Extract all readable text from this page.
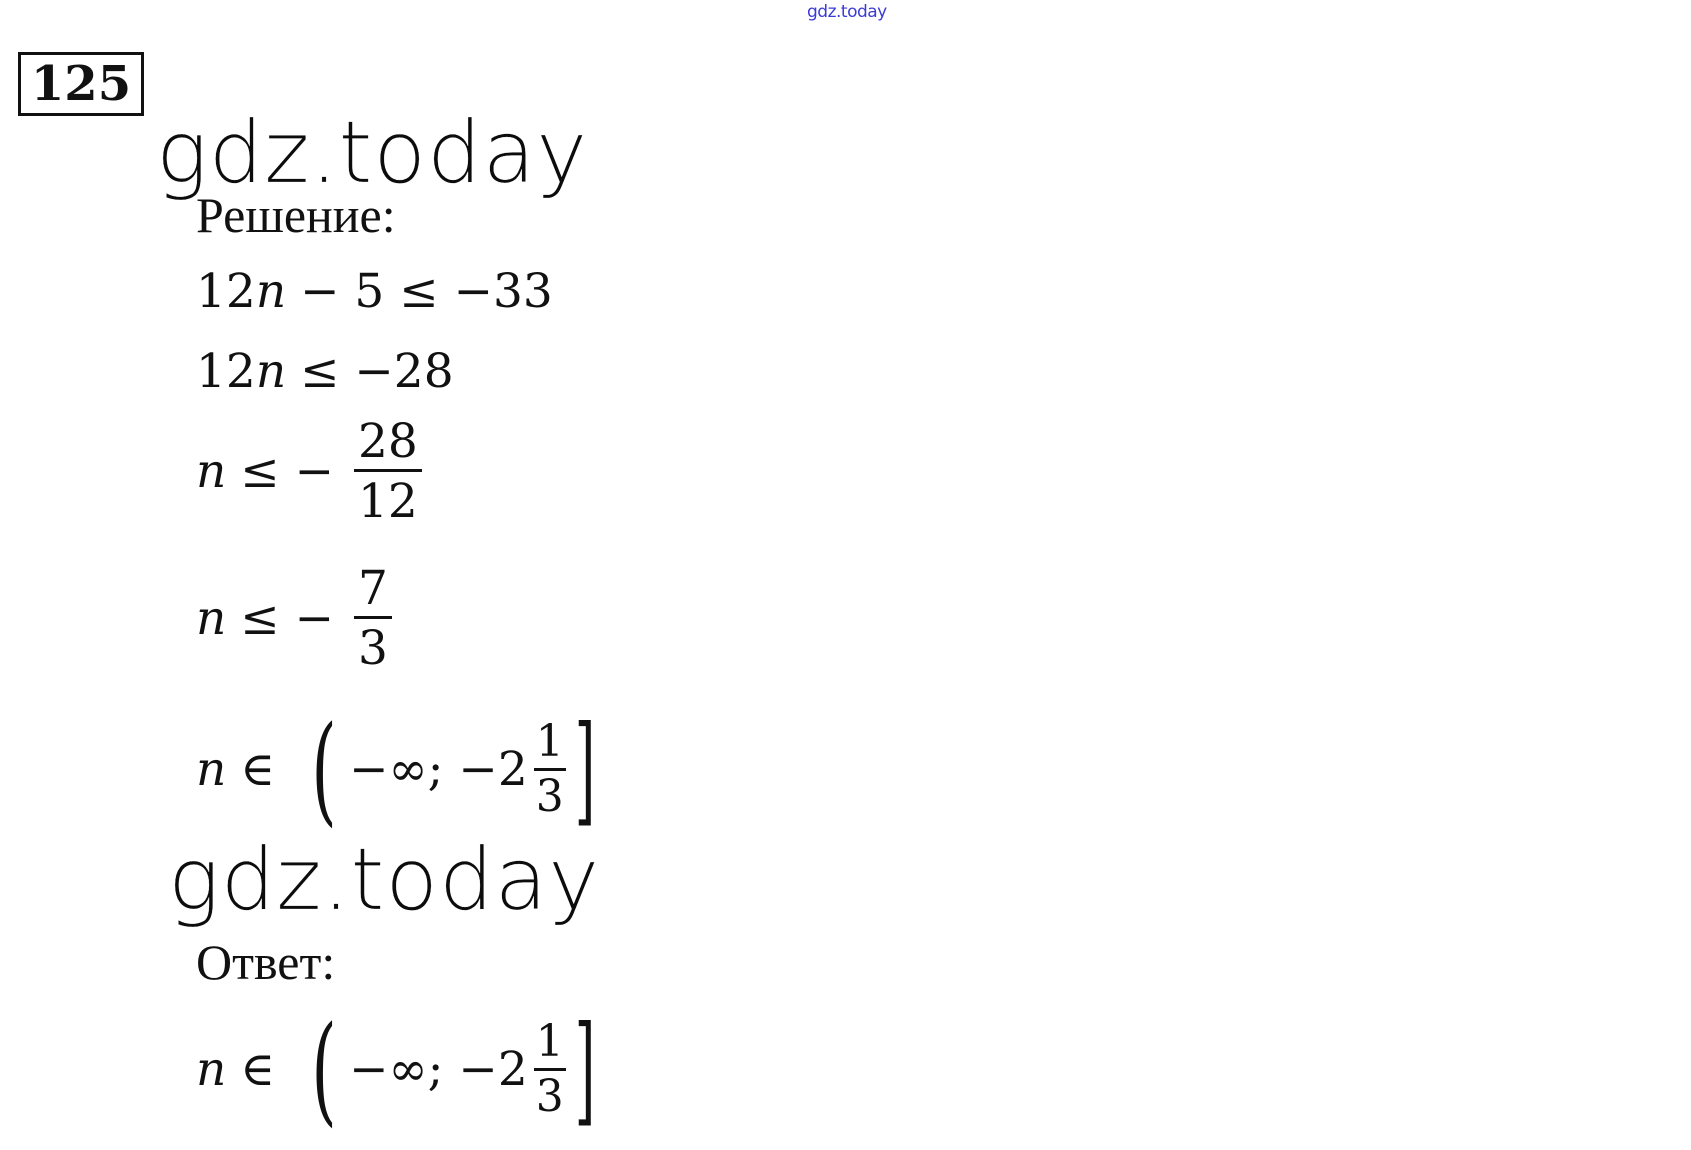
gdz.today
125
gdz.today
Решение:
12 n − 5 ≤ −33
12 n ≤ −28
n ≤ − $\frac{28}{12}$
n ≤ − $\frac{7}{3}$
n ∈ ( −∞; $-2 \frac{1}{3}$ ]
gdz.today
Ответ:
n ∈ ( −∞; $-2 \frac{1}{3}$ ]
